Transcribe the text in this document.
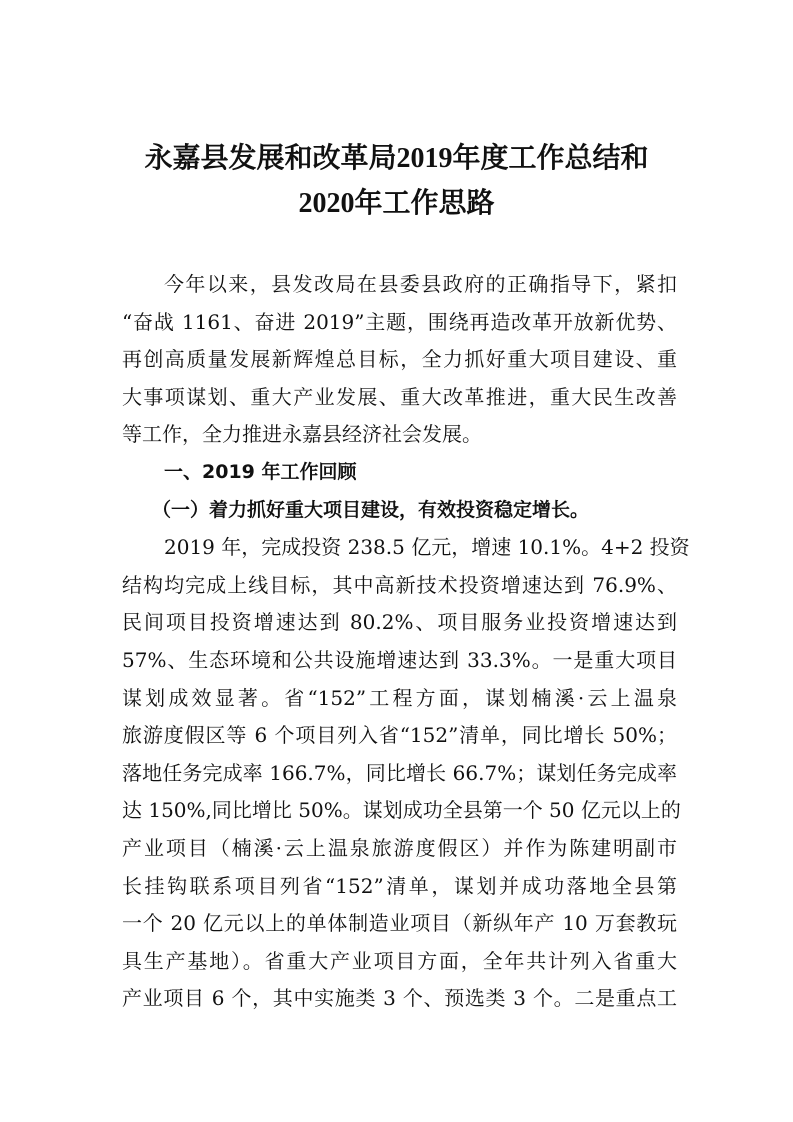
永嘉县发展和改革局2019年度工作总结和
2020年工作思路
今年以来，县发改局在县委县政府的正确指导下，紧扣
“奋战 1161、奋进 2019”主题，围绕再造改革开放新优势、
再创高质量发展新辉煌总目标，全力抓好重大项目建设、重
大事项谋划、重大产业发展、重大改革推进，重大民生改善
等工作，全力推进永嘉县经济社会发展。
一、2019 年工作回顾
（一）着力抓好重大项目建设，有效投资稳定增长。
2019 年，完成投资 238.5 亿元，增速 10.1%。4+2 投资
结构均完成上线目标，其中高新技术投资增速达到 76.9%、
民间项目投资增速达到 80.2%、项目服务业投资增速达到
57%、生态环境和公共设施增速达到 33.3%。一是重大项目
谋划成效显著。省“152”工程方面，谋划楠溪·云上温泉
旅游度假区等 6 个项目列入省“152”清单，同比增长 50%；
落地任务完成率 166.7%，同比增长 66.7%；谋划任务完成率
达 150%,同比增比 50%。谋划成功全县第一个 50 亿元以上的
产业项目（楠溪·云上温泉旅游度假区）并作为陈建明副市
长挂钩联系项目列省“152”清单，谋划并成功落地全县第
一个 20 亿元以上的单体制造业项目（新纵年产 10 万套教玩
具生产基地）。省重大产业项目方面，全年共计列入省重大
产业项目 6 个，其中实施类 3 个、预选类 3 个。二是重点工
